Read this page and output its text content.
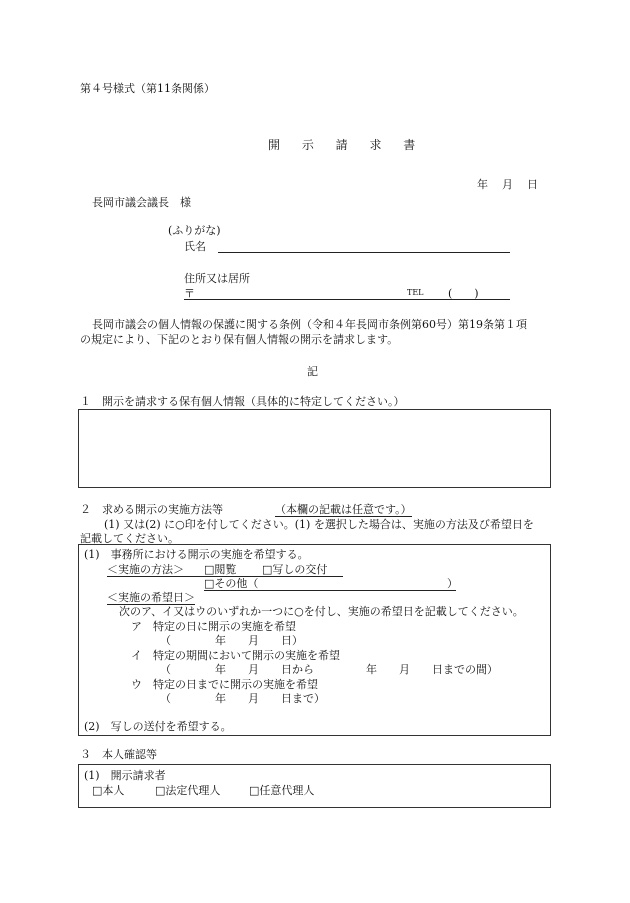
第４号様式（第11条関係）
開 示 請 求 書
年 月 日
長岡市議会議長　様
(ふりがな)
氏名
住所又は居所
〒	TEL (　　)
長岡市議会の個人情報の保護に関する条例（令和４年長岡市条例第60号）第19条第１項
の規定により、下記のとおり保有個人情報の開示を請求します。
記
１　開示を請求する保有個人情報（具体的に特定してください。）
２　求める開示の実施方法等	（本欄の記載は任意です。）
(1) 又は(2) に○印を付してください。(1) を選択した場合は、実施の方法及び希望日を
記載してください。
(1)　事務所における開示の実施を希望する。
＜実施の方法＞ □	閲覧 □	写しの交付
□ その他（	）
＜実施の希望日＞
次のア、イ又はウのいずれか一つに○を付し、実施の希望日を記載してください。
ア　特定の日に開示の実施を希望
（　　　　年　　月　　日）
イ　特定の期間において開示の実施を希望
（　　　　年　　月　　日から	年　　月　　日までの間）
ウ　特定の日までに開示の実施を希望
（　　　　年　　月　　日まで）
(2)　写しの送付を希望する。
３　本人確認等
(1)　開示請求者
□ 本人 □	法定代理人 □	任意代理人
